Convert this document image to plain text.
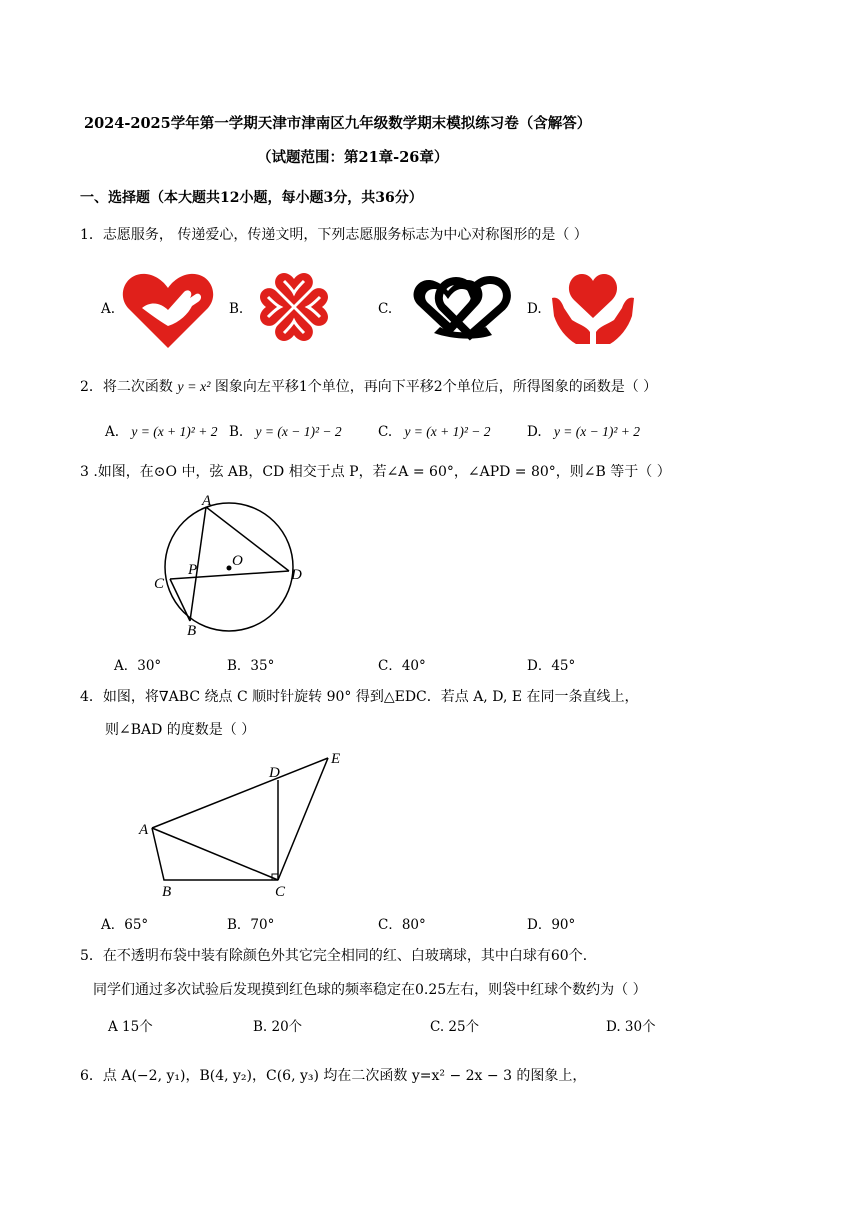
2024-2025学年第一学期天津市津南区九年级数学期末模拟练习卷（含解答）
（试题范围：第21章-26章）
一、选择题（本大题共12小题，每小题3分，共36分）
1．志愿服务， 传递爱心，传递文明，下列志愿服务标志为中心对称图形的是（ ）
A.	B.	C.	D.
2．将二次函数 y = x² 图象向左平移1个单位，再向下平移2个单位后，所得图象的函数是（ ）
A. y = (x + 1)² + 2 B. y = (x − 1)² − 2	C. y = (x + 1)² − 2	D. y = (x − 1)² + 2
3 .如图，在⊙O 中，弦 AB，CD 相交于点 P，若∠A = 60°，∠APD = 80°，则∠B 等于（ ）
A
B
C
D
O
P
A．30°	B．35°	C．40°	D．45°
4．如图，将∇ABC 绕点 C 顺时针旋转 90° 得到△EDC．若点 A, D, E 在同一条直线上，
则∠BAD 的度数是（ ）
A
B	C
D
E
A．65°	B．70°	C．80°	D．90°
5．在不透明布袋中装有除颜色外其它完全相同的红、白玻璃球，其中白球有60个．
同学们通过多次试验后发现摸到红色球的频率稳定在0.25左右，则袋中红球个数约为（ ）
A 15个	B. 20个	C. 25个	D. 30个
6．点 A(−2, y₁)，B(4, y₂)，C(6, y₃) 均在二次函数 y=x² − 2x − 3 的图象上，
